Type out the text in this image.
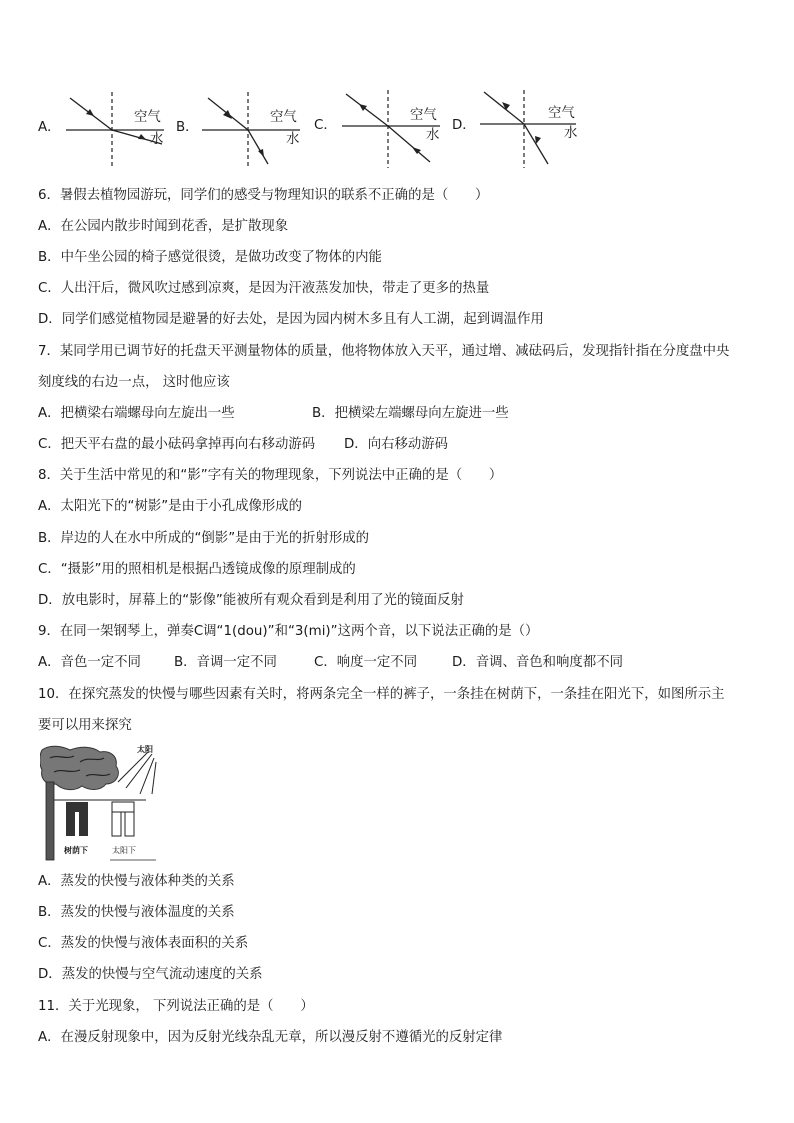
A．
空气
水
B．
空气
水
C．
空气
水
D．
空气
水
6．暑假去植物园游玩，同学们的感受与物理知识的联系不正确的是（　　）
A．在公园内散步时闻到花香，是扩散现象
B．中午坐公园的椅子感觉很烫，是做功改变了物体的内能
C．人出汗后，微风吹过感到凉爽，是因为汗液蒸发加快，带走了更多的热量
D．同学们感觉植物园是避暑的好去处，是因为园内树木多且有人工湖，起到调温作用
7．某同学用已调节好的托盘天平测量物体的质量，他将物体放入天平，通过增、减砝码后，发现指针指在分度盘中央
刻度线的右边一点， 这时他应该
A．把横梁右端螺母向左旋出一些	B．把横梁左端螺母向左旋进一些
C．把天平右盘的最小砝码拿掉再向右移动游码 D．向右移动游码
8．关于生活中常见的和“影”字有关的物理现象，下列说法中正确的是（　　）
A．太阳光下的“树影”是由于小孔成像形成的
B．岸边的人在水中所成的“倒影”是由于光的折射形成的
C．“摄影”用的照相机是根据凸透镜成像的原理制成的
D．放电影时，屏幕上的“影像”能被所有观众看到是利用了光的镜面反射
9．在同一架钢琴上，弹奏C调“1(dou)”和“3(mi)”这两个音，以下说法正确的是（）
A．音色一定不同 B．音调一定不同	C．响度一定不同	D．音调、音色和响度都不同
10．在探究蒸发的快慢与哪些因素有关时，将两条完全一样的裤子，一条挂在树荫下，一条挂在阳光下，如图所示主
要可以用来探究
太阳
树荫下	太阳下
A．蒸发的快慢与液体种类的关系
B．蒸发的快慢与液体温度的关系
C．蒸发的快慢与液体表面积的关系
D．蒸发的快慢与空气流动速度的关系
11．关于光现象， 下列说法正确的是（　　）
A．在漫反射现象中，因为反射光线杂乱无章，所以漫反射不遵循光的反射定律
